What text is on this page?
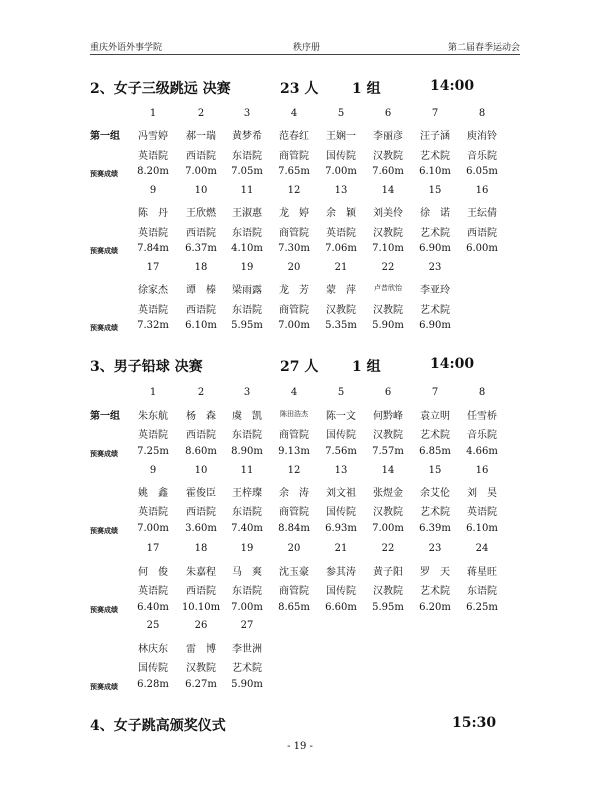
重庆外语外事学院	秩序册	第二届春季运动会
2、女子三级跳远 决赛	23 人 1 组	14:00
1	2	3	4	5	6	7	8
第一组	冯雪婷	郝一瑞	黄梦希	范春红	王娴一	李丽彦	汪子涵	庾洧铃
英语院	西语院	东语院	商管院	国传院	汉教院	艺术院	音乐院
预赛成绩	8.20m	7.00m	7.05m	7.65m	7.00m	7.60m	6.10m	6.05m
9	10	11	12	13	14	15	16
陈　丹	王欣燃	王淑惠	龙　婷	余　颖	刘美伶	徐　诺	王纭倩
英语院	西语院	东语院	商管院	英语院	汉教院	艺术院	西语院
预赛成绩	7.84m	6.37m	4.10m	7.30m	7.06m	7.10m	6.90m	6.00m
17	18	19	20	21	22	23
徐家杰	谭　榛	梁雨露	龙　芳	蒙　萍	卢昔欣怡	李亚玲
英语院	西语院	东语院	商管院	汉教院	汉教院	艺术院
预赛成绩	7.32m	6.10m	5.95m	7.00m	5.35m	5.90m	6.90m
3、男子铅球 决赛	27 人 1 组	14:00
1	2	3	4	5	6	7	8
第一组	朱东航	杨　森	虞　凯	陈田浩杰	陈一文	何黔峰	袁立明	任雪桥
英语院	西语院	东语院	商管院	国传院	汉教院	艺术院	音乐院
预赛成绩	7.25m	8.60m	8.90m	9.13m	7.56m	7.57m	6.85m	4.66m
9	10	11	12	13	14	15	16
姚　鑫	霍俊臣	王梓璨	余　涛	刘文祖	张煜金	余艾伦	刘　昊
英语院	西语院	东语院	商管院	国传院	汉教院	艺术院	英语院
预赛成绩	7.00m	3.60m	7.40m	8.84m	6.93m	7.00m	6.39m	6.10m
17	18	19	20	21	22	23	24
何　俊	朱嘉程	马　爽	沈玉豪	参其涛	黄子阳	罗　天	蒋星旺
英语院	西语院	东语院	商管院	国传院	汉教院	艺术院	东语院
预赛成绩	6.40m	10.10m	7.00m	8.65m	6.60m	5.95m	6.20m	6.25m
25	26	27
林庆东	雷　博	李世洲
国传院	汉教院	艺术院
预赛成绩	6.28m	6.27m	5.90m
4、女子跳高颁奖仪式	15:30
- 19 -
